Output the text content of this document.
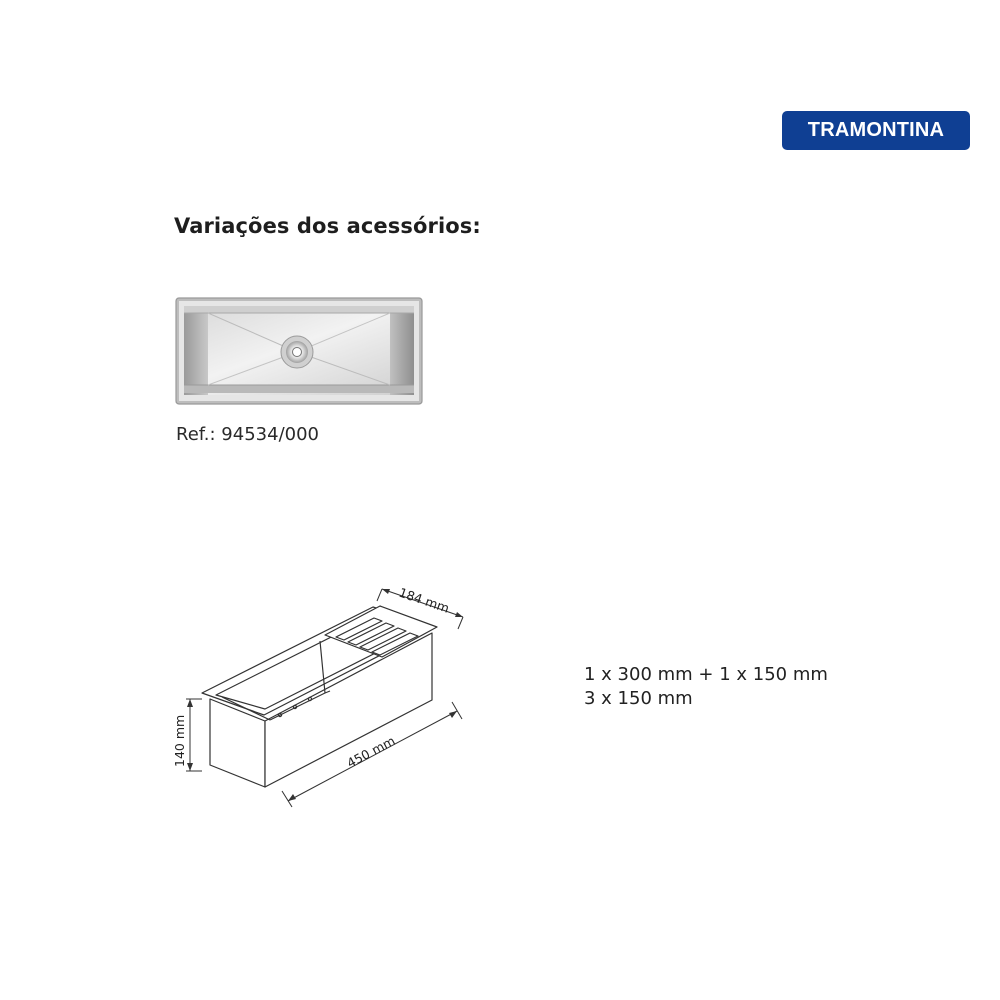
TRAMONTINA
Variações dos acessórios:
Ref.: 94534/000
184 mm
140 mm	450 mm
1 x 300 mm + 1 x 150 mm
3 x 150 mm
